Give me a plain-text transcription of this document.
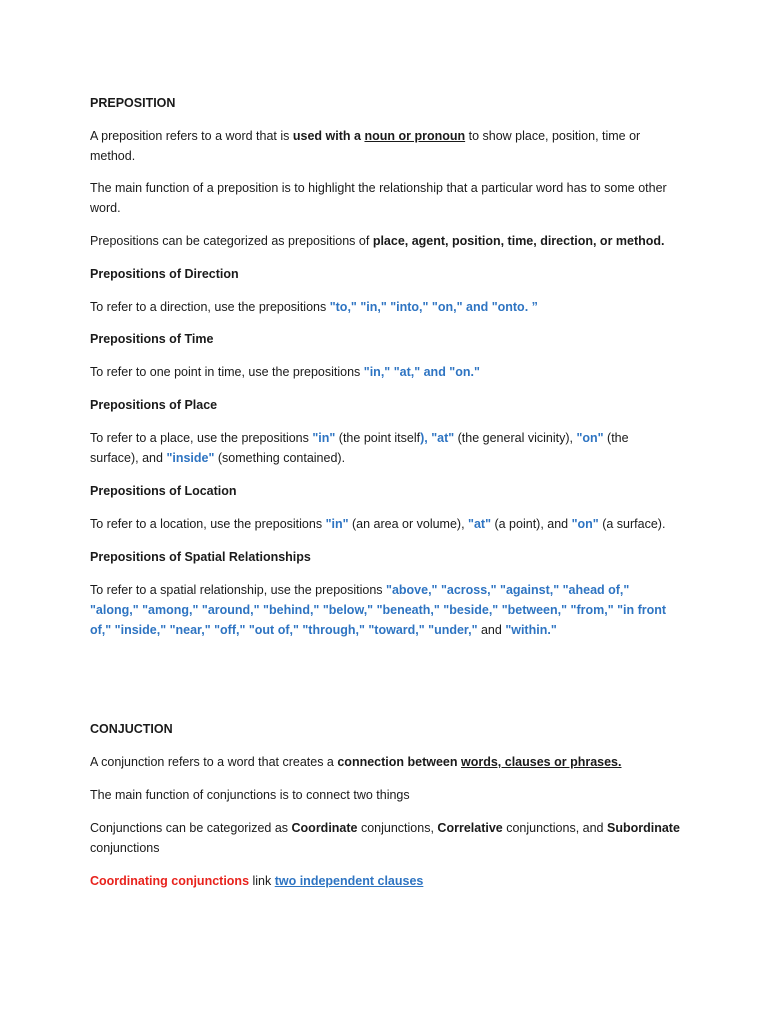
PREPOSITION

A preposition refers to a word that is used with a noun or pronoun to show place, position, time or method.

The main function of a preposition is to highlight the relationship that a particular word has to some other word.

Prepositions can be categorized as prepositions of place, agent, position, time, direction, or method.

Prepositions of Direction

To refer to a direction, use the prepositions "to," "in," "into," "on," and "onto. ”

Prepositions of Time

To refer to one point in time, use the prepositions "in," "at," and "on."

Prepositions of Place

To refer to a place, use the prepositions "in" (the point itself), "at" (the general vicinity), "on" (the surface), and "inside" (something contained).

Prepositions of Location

To refer to a location, use the prepositions "in" (an area or volume), "at" (a point), and "on" (a surface).

Prepositions of Spatial Relationships

To refer to a spatial relationship, use the prepositions "above," "across," "against," "ahead of," "along," "among," "around," "behind," "below," "beneath," "beside," "between," "from," "in front of," "inside," "near," "off," "out of," "through," "toward," "under," and "within."

CONJUCTION

A conjunction refers to a word that creates a connection between words, clauses or phrases.

The main function of conjunctions is to connect two things

Conjunctions can be categorized as Coordinate conjunctions, Correlative conjunctions, and Subordinate conjunctions

Coordinating conjunctions link two independent clauses
